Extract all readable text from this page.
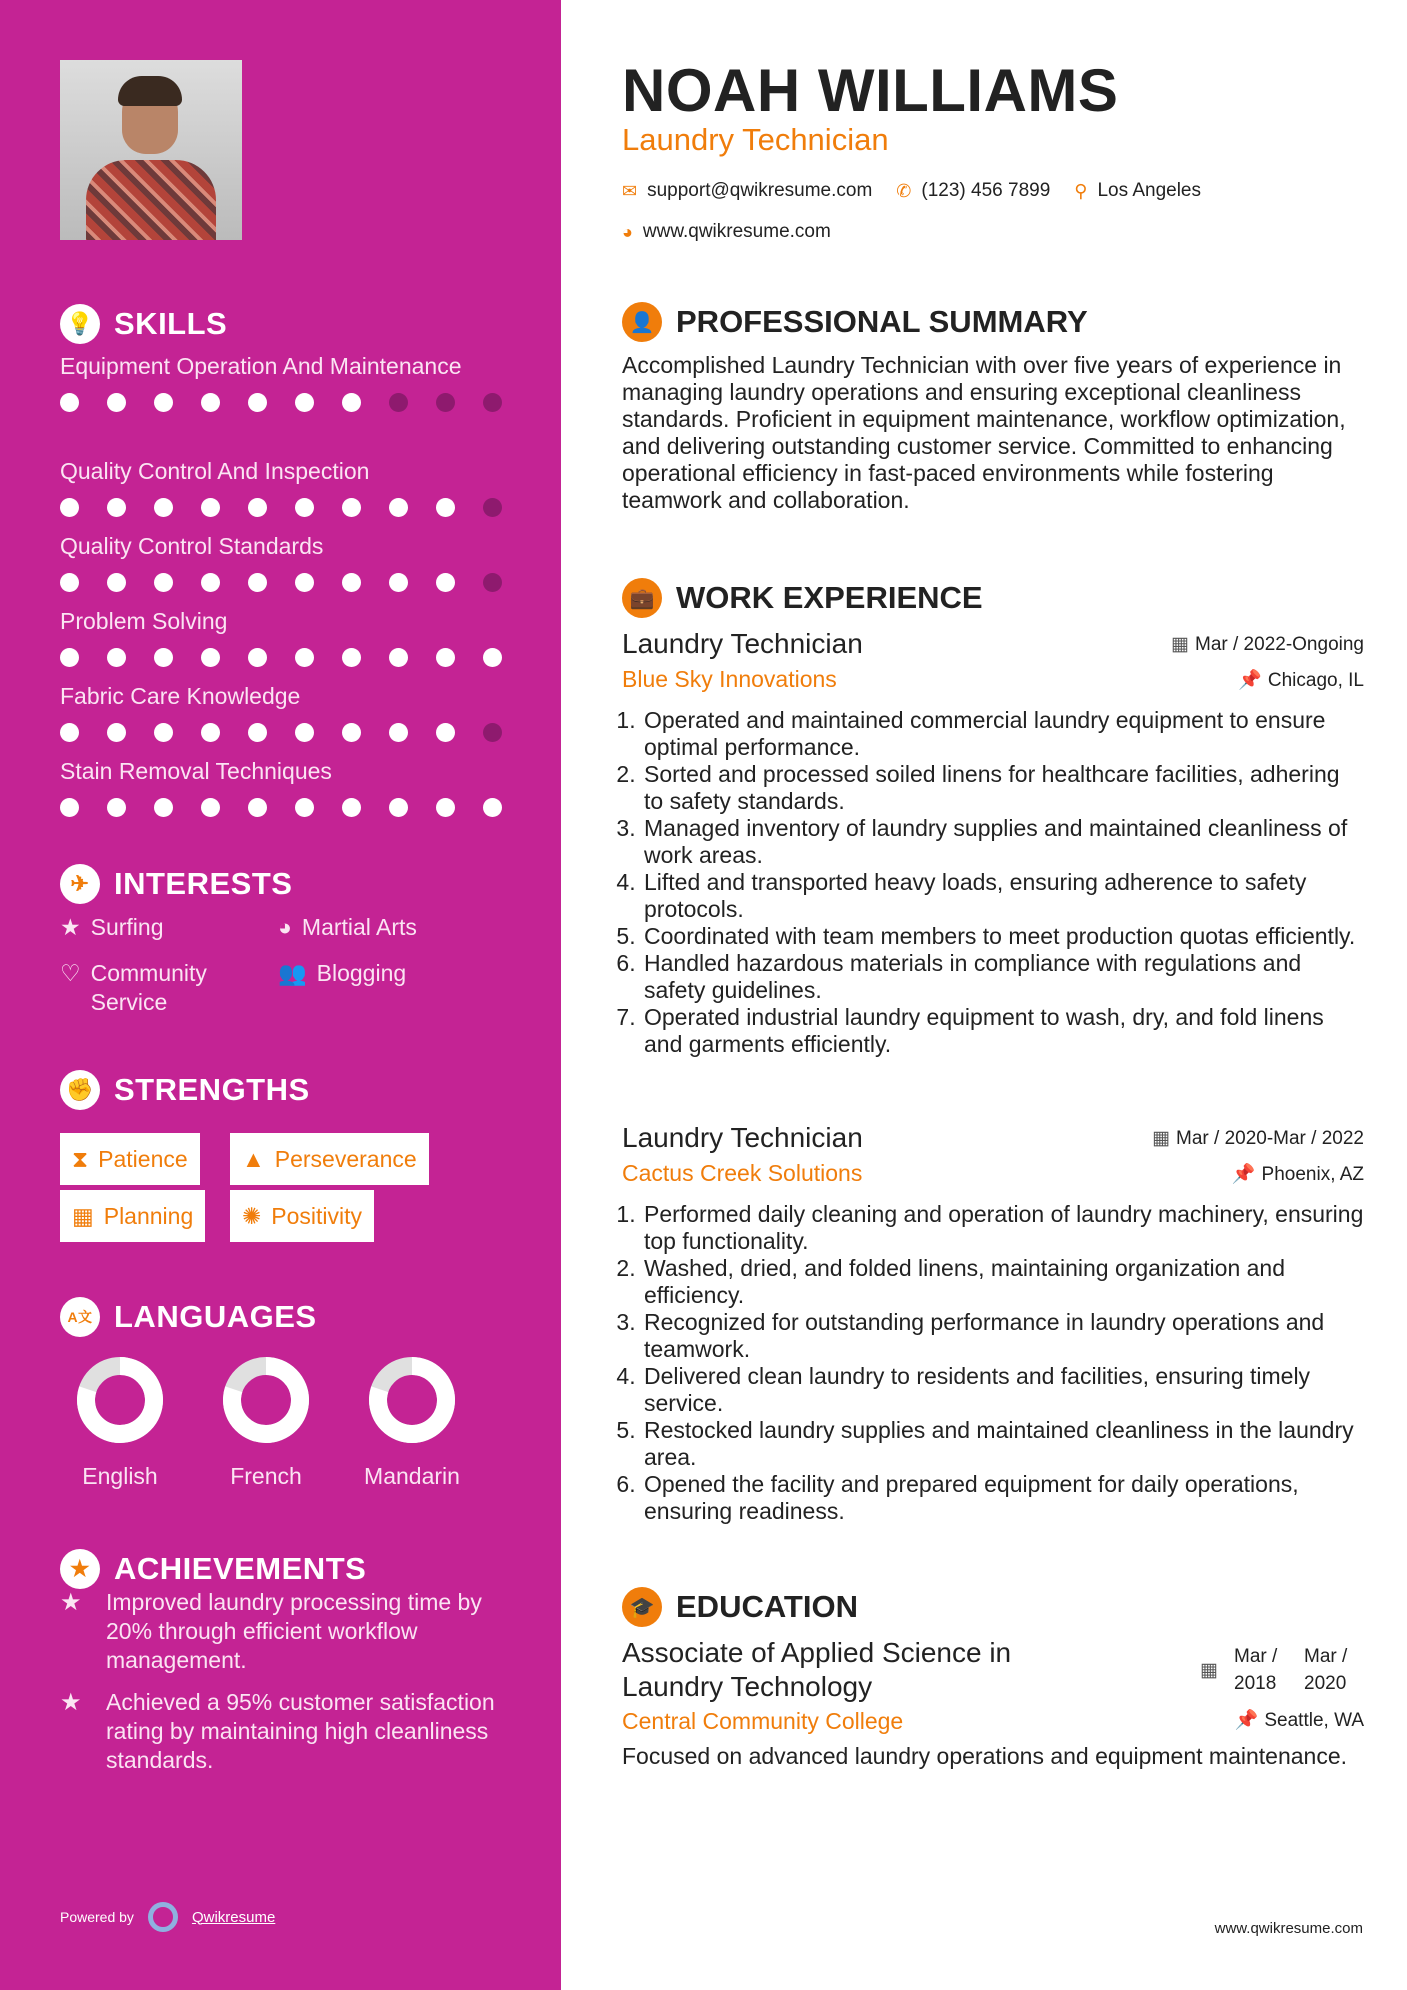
💡 SKILLS
Equipment Operation And Maintenance
Quality Control And Inspection
Quality Control Standards
Problem Solving
Fabric Care Knowledge
Stain Removal Techniques
✈ INTERESTS
★ Surfing	◕ Martial Arts
♡ Community Service
👥 Blogging
✊ STRENGTHS
⧗ Patience ▲ Perseverance
▦ Planning ✺ Positivity
A文 LANGUAGES
English	French	Mandarin
★ ACHIEVEMENTS
★	Improved laundry processing time by 20% through efficient workflow management.
★	Achieved a 95% customer satisfaction rating by maintaining high cleanliness standards.
Powered by	Qwikresume
NOAH WILLIAMS
Laundry Technician
✉ support@qwikresume.com ✆ (123) 456 7899 ⚲ Los Angeles
◕ www.qwikresume.com
👤 PROFESSIONAL SUMMARY
Accomplished Laundry Technician with over five years of experience in managing laundry operations and ensuring exceptional cleanliness standards. Proficient in equipment maintenance, workflow optimization, and delivering outstanding customer service. Committed to enhancing operational efficiency in fast-paced environments while fostering teamwork and collaboration.
💼 WORK EXPERIENCE
Laundry Technician	▦ Mar / 2022-Ongoing
Blue Sky Innovations	📌 Chicago, IL
1. Operated and maintained commercial laundry equipment to ensure optimal performance.
2. Sorted and processed soiled linens for healthcare facilities, adhering to safety standards.
3. Managed inventory of laundry supplies and maintained cleanliness of work areas.
4. Lifted and transported heavy loads, ensuring adherence to safety protocols.
5. Coordinated with team members to meet production quotas efficiently.
6. Handled hazardous materials in compliance with regulations and safety guidelines.
7. Operated industrial laundry equipment to wash, dry, and fold linens and garments efficiently.
Laundry Technician	▦ Mar / 2020-Mar / 2022
Cactus Creek Solutions	📌 Phoenix, AZ
1. Performed daily cleaning and operation of laundry machinery, ensuring top functionality.
2. Washed, dried, and folded linens, maintaining organization and efficiency.
3. Recognized for outstanding performance in laundry operations and teamwork.
4. Delivered clean laundry to residents and facilities, ensuring timely service.
5. Restocked laundry supplies and maintained cleanliness in the laundry area.
6. Opened the facility and prepared equipment for daily operations, ensuring readiness.
🎓 EDUCATION
Associate of Applied Science in Laundry Technology
▦
Mar / 2018
Mar / 2020
Central Community College	📌 Seattle, WA
Focused on advanced laundry operations and equipment maintenance.
www.qwikresume.com
